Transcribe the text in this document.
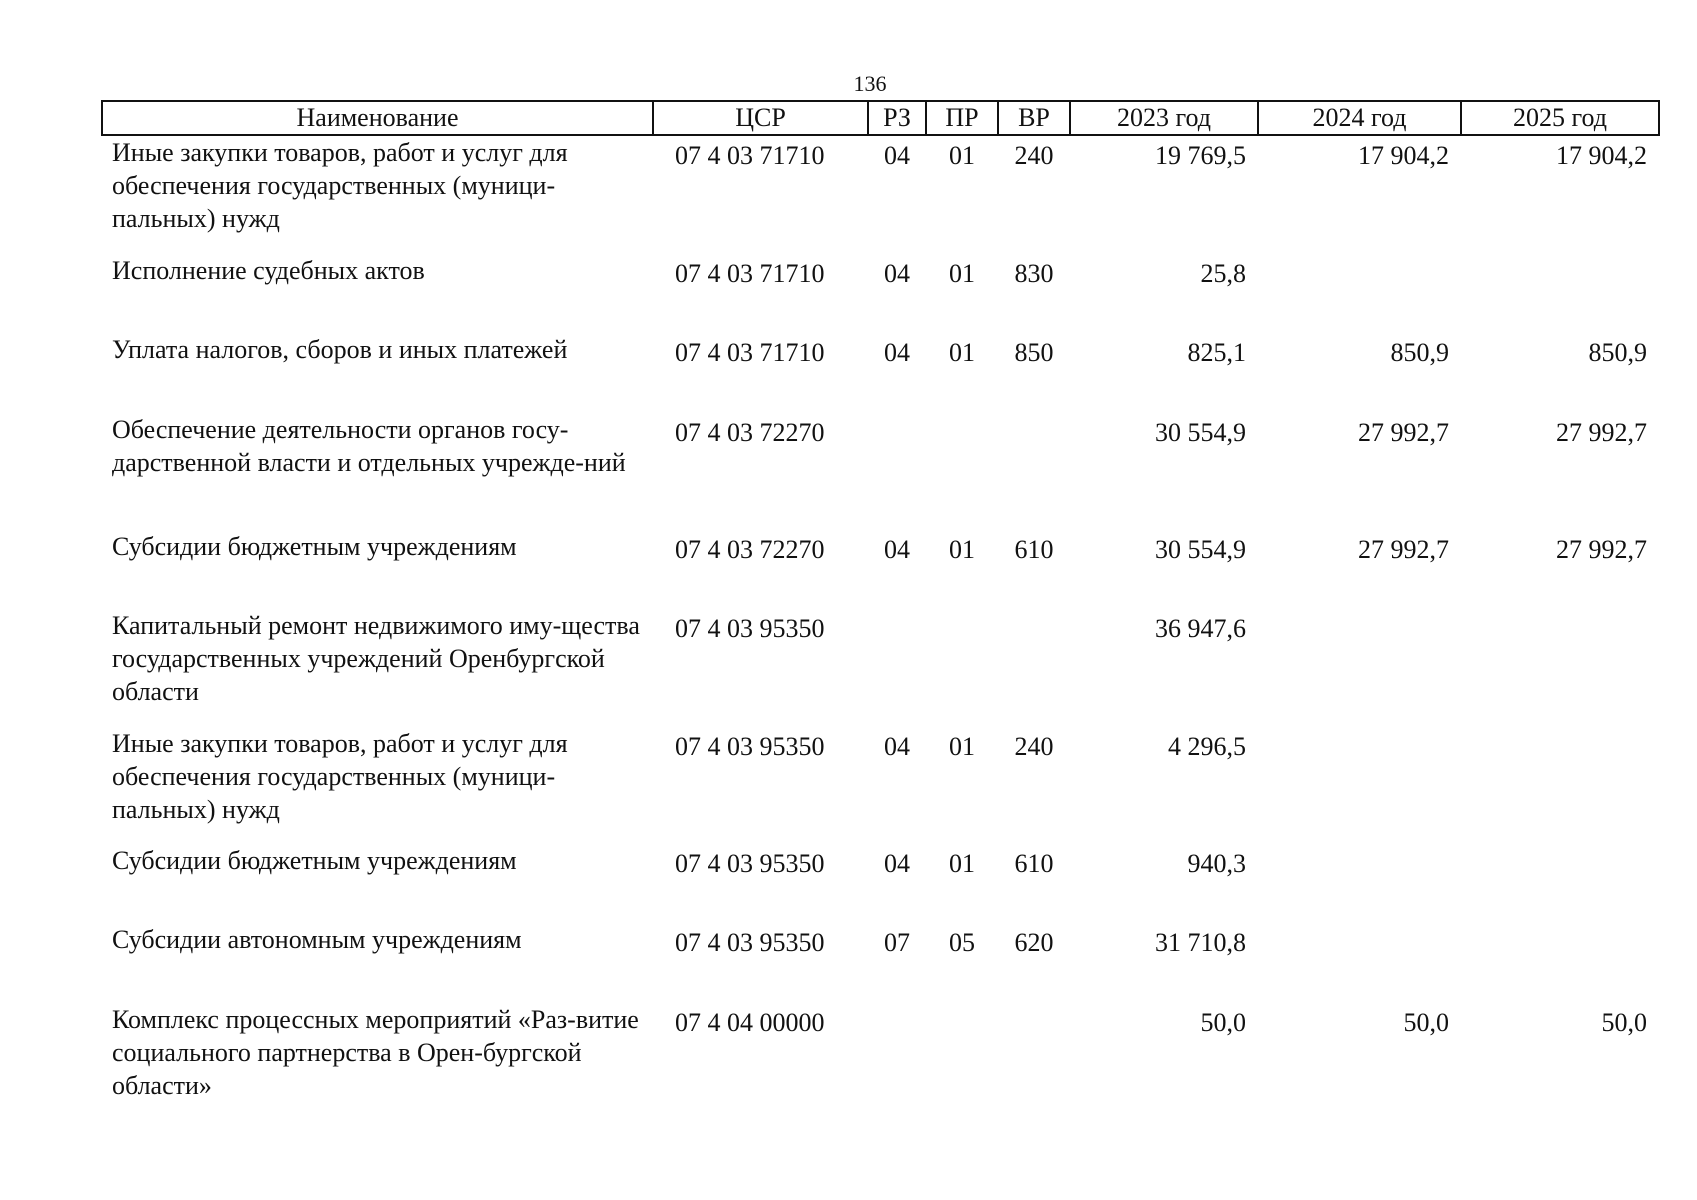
136
Наименование	ЦСР	РЗ	ПР	ВР	2023 год	2024 год	2025 год
Иные закупки товаров, работ и услуг для обеспечения государственных (муници-пальных) нужд	07 4 03 71710	04	01	240	19 769,5	17 904,2	17 904,2
Исполнение судебных актов	07 4 03 71710	04	01	830	25,8		
Уплата налогов, сборов и иных платежей	07 4 03 71710	04	01	850	825,1	850,9	850,9
Обеспечение деятельности органов госу-дарственной власти и отдельных учрежде-ний	07 4 03 72270				30 554,9	27 992,7	27 992,7
Субсидии бюджетным учреждениям	07 4 03 72270	04	01	610	30 554,9	27 992,7	27 992,7
Капитальный ремонт недвижимого иму-щества государственных учреждений Оренбургской области	07 4 03 95350				36 947,6		
Иные закупки товаров, работ и услуг для обеспечения государственных (муници-пальных) нужд	07 4 03 95350	04	01	240	4 296,5		
Субсидии бюджетным учреждениям	07 4 03 95350	04	01	610	940,3		
Субсидии автономным учреждениям	07 4 03 95350	07	05	620	31 710,8		
Комплекс процессных мероприятий «Раз-витие социального партнерства в Орен-бургской области»	07 4 04 00000				50,0	50,0	50,0
